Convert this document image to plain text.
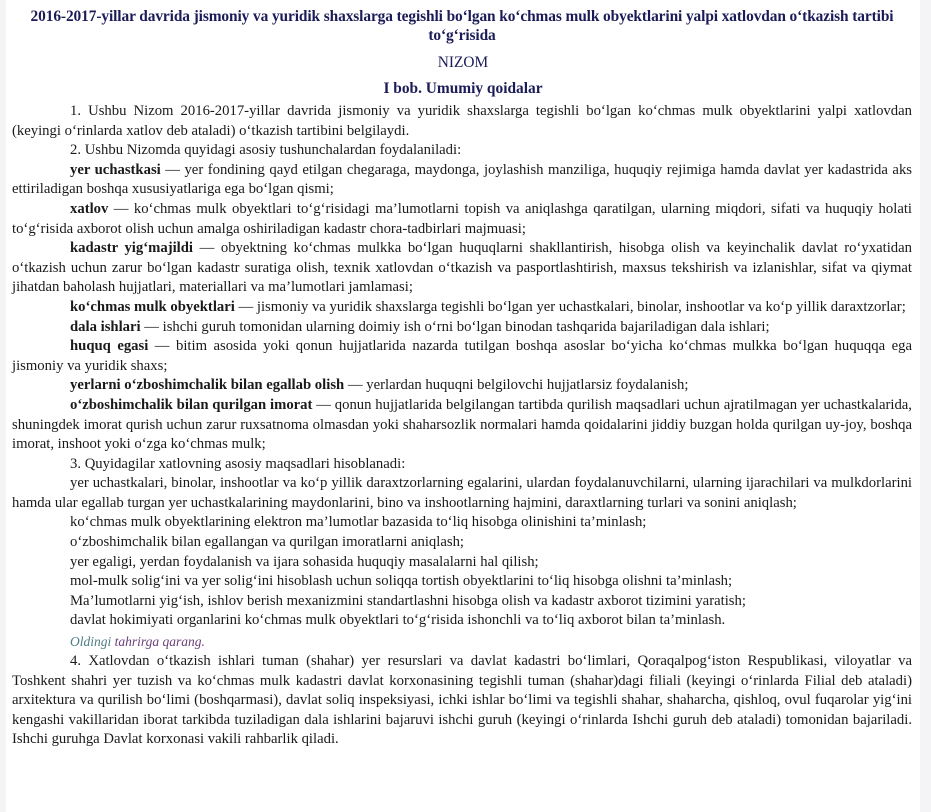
2016-2017-yillar davrida jismoniy va yuridik shaxslarga tegishli bo‘lgan ko‘chmas mulk obyektlarini yalpi xatlovdan o‘tkazish tartibi to‘g‘risida
NIZOM
I bob. Umumiy qoidalar

1. Ushbu Nizom 2016-2017-yillar davrida jismoniy va yuridik shaxslarga tegishli bo‘lgan ko‘chmas mulk obyektlarini yalpi xatlovdan (keyingi o‘rinlarda xatlov deb ataladi) o‘tkazish tartibini belgilaydi.

2. Ushbu Nizomda quyidagi asosiy tushunchalardan foydalaniladi:

yer uchastkasi — yer fondining qayd etilgan chegaraga, maydonga, joylashish manziliga, huquqiy rejimiga hamda davlat yer kadastrida aks ettiriladigan boshqa xususiyatlariga ega bo‘lgan qismi;

xatlov — ko‘chmas mulk obyektlari to‘g‘risidagi ma’lumotlarni topish va aniqlashga qaratilgan, ularning miqdori, sifati va huquqiy holati to‘g‘risida axborot olish uchun amalga oshiriladigan kadastr chora-tadbirlari majmuasi;

kadastr yig‘majildi — obyektning ko‘chmas mulkka bo‘lgan huquqlarni shakllantirish, hisobga olish va keyinchalik davlat ro‘yxatidan o‘tkazish uchun zarur bo‘lgan kadastr suratiga olish, texnik xatlovdan o‘tkazish va pasportlashtirish, maxsus tekshirish va izlanishlar, sifat va qiymat jihatdan baholash hujjatlari, materiallari va ma’lumotlari jamlamasi;

ko‘chmas mulk obyektlari — jismoniy va yuridik shaxslarga tegishli bo‘lgan yer uchastkalari, binolar, inshootlar va ko‘p yillik daraxtzorlar;

dala ishlari — ishchi guruh tomonidan ularning doimiy ish o‘rni bo‘lgan binodan tashqarida bajariladigan dala ishlari;

huquq egasi — bitim asosida yoki qonun hujjatlarida nazarda tutilgan boshqa asoslar bo‘yicha ko‘chmas mulkka bo‘lgan huquqqa ega jismoniy va yuridik shaxs;

yerlarni o‘zboshimchalik bilan egallab olish — yerlardan huquqni belgilovchi hujjatlarsiz foydalanish;

o‘zboshimchalik bilan qurilgan imorat — qonun hujjatlarida belgilangan tartibda qurilish maqsadlari uchun ajratilmagan yer uchastkalarida, shuningdek imorat qurish uchun zarur ruxsatnoma olmasdan yoki shaharsozlik normalari hamda qoidalarini jiddiy buzgan holda qurilgan uy-joy, boshqa imorat, inshoot yoki o‘zga ko‘chmas mulk;

3. Quyidagilar xatlovning asosiy maqsadlari hisoblanadi:

yer uchastkalari, binolar, inshootlar va ko‘p yillik daraxtzorlarning egalarini, ulardan foydalanuvchilarni, ularning ijarachilari va mulkdorlarini hamda ular egallab turgan yer uchastkalarining maydonlarini, bino va inshootlarning hajmini, daraxtlarning turlari va sonini aniqlash;

ko‘chmas mulk obyektlarining elektron ma’lumotlar bazasida to‘liq hisobga olinishini ta’minlash;

o‘zboshimchalik bilan egallangan va qurilgan imoratlarni aniqlash;

yer egaligi, yerdan foydalanish va ijara sohasida huquqiy masalalarni hal qilish;

mol-mulk solig‘ini va yer solig‘ini hisoblash uchun soliqqa tortish obyektlarini to‘liq hisobga olishni ta’minlash;

Ma’lumotlarni yig‘ish, ishlov berish mexanizmini standartlashni hisobga olish va kadastr axborot tizimini yaratish;

davlat hokimiyati organlarini ko‘chmas mulk obyektlari to‘g‘risida ishonchli va to‘liq axborot bilan ta’minlash.

Oldingi tahrirga qarang.

4. Xatlovdan o‘tkazish ishlari tuman (shahar) yer resurslari va davlat kadastri bo‘limlari, Qoraqalpog‘iston Respublikasi, viloyatlar va Toshkent shahri yer tuzish va ko‘chmas mulk kadastri davlat korxonasining tegishli tuman (shahar)dagi filiali (keyingi o‘rinlarda Filial deb ataladi) arxitektura va qurilish bo‘limi (boshqarmasi), davlat soliq inspeksiyasi, ichki ishlar bo‘limi va tegishli shahar, shaharcha, qishloq, ovul fuqarolar yig‘ini kengashi vakillaridan iborat tarkibda tuziladigan dala ishlarini bajaruvi ishchi guruh (keyingi o‘rinlarda Ishchi guruh deb ataladi) tomonidan bajariladi. Ishchi guruhga Davlat korxonasi vakili rahbarlik qiladi.
